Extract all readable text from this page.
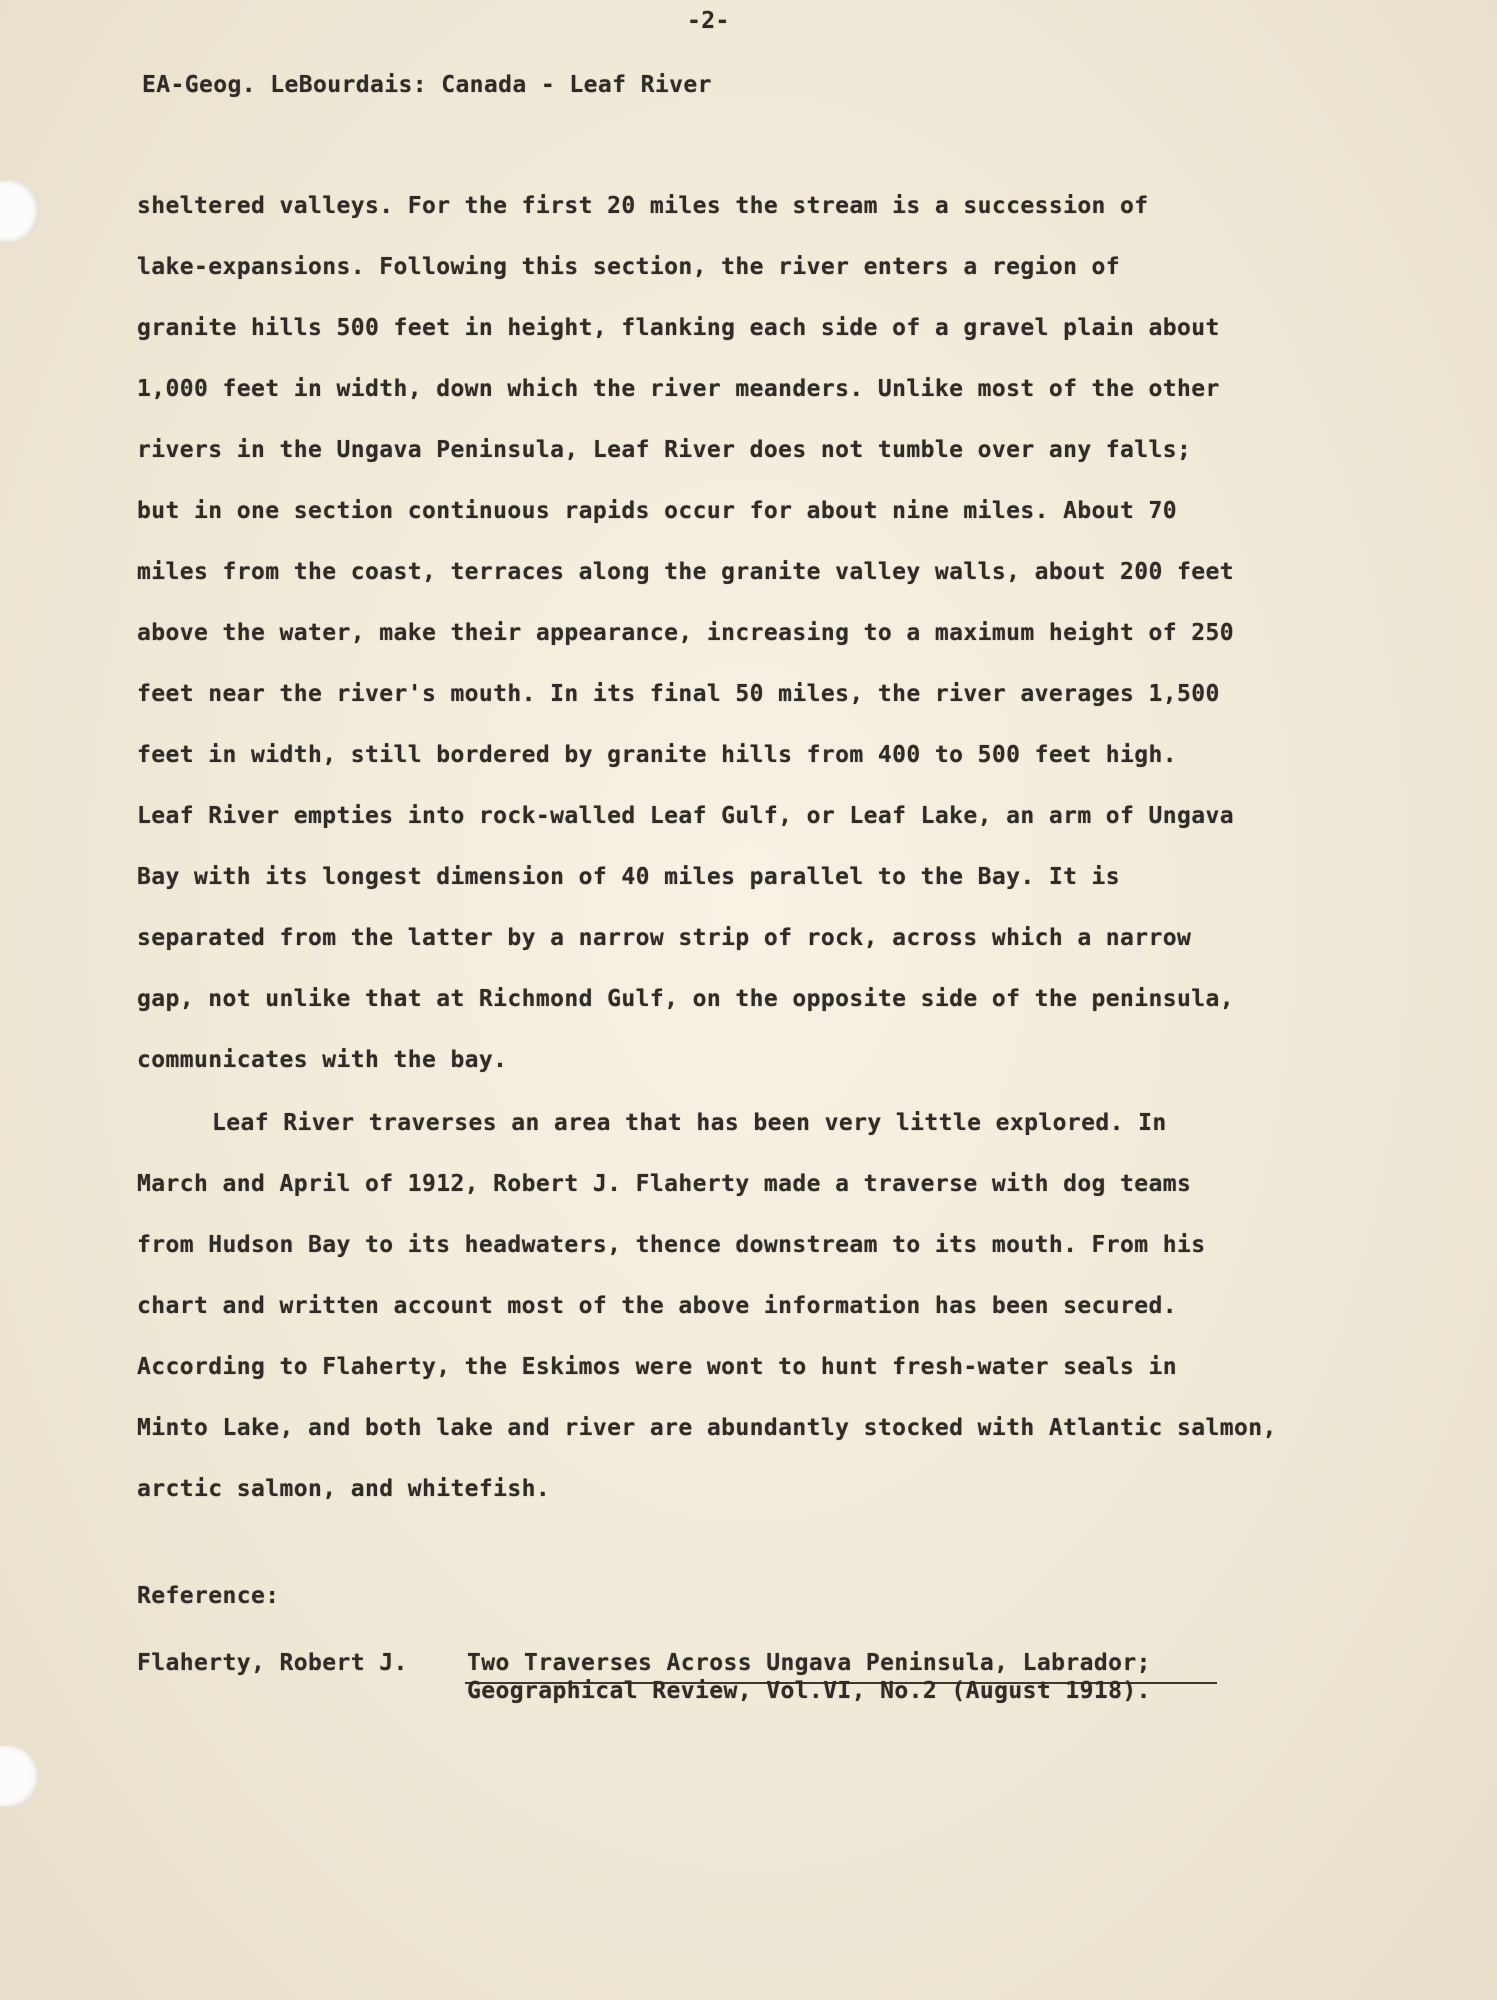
-2-
EA-Geog. LeBourdais: Canada - Leaf River
sheltered valleys. For the first 20 miles the stream is a succession of
lake-expansions. Following this section, the river enters a region of
granite hills 500 feet in height, flanking each side of a gravel plain about
1,000 feet in width, down which the river meanders. Unlike most of the other
rivers in the Ungava Peninsula, Leaf River does not tumble over any falls;
but in one section continuous rapids occur for about nine miles. About 70
miles from the coast, terraces along the granite valley walls, about 200 feet
above the water, make their appearance, increasing to a maximum height of 250
feet near the river's mouth. In its final 50 miles, the river averages 1,500
feet in width, still bordered by granite hills from 400 to 500 feet high.
Leaf River empties into rock-walled Leaf Gulf, or Leaf Lake, an arm of Ungava
Bay with its longest dimension of 40 miles parallel to the Bay. It is
separated from the latter by a narrow strip of rock, across which a narrow
gap, not unlike that at Richmond Gulf, on the opposite side of the peninsula,
communicates with the bay.
Leaf River traverses an area that has been very little explored. In
March and April of 1912, Robert J. Flaherty made a traverse with dog teams
from Hudson Bay to its headwaters, thence downstream to its mouth. From his
chart and written account most of the above information has been secured.
According to Flaherty, the Eskimos were wont to hunt fresh-water seals in
Minto Lake, and both lake and river are abundantly stocked with Atlantic salmon,
arctic salmon, and whitefish.
Reference:
Flaherty, Robert J.	Two Traverses Across Ungava Peninsula, Labrador;
Geographical Review, Vol.VI, No.2 (August 1918).
